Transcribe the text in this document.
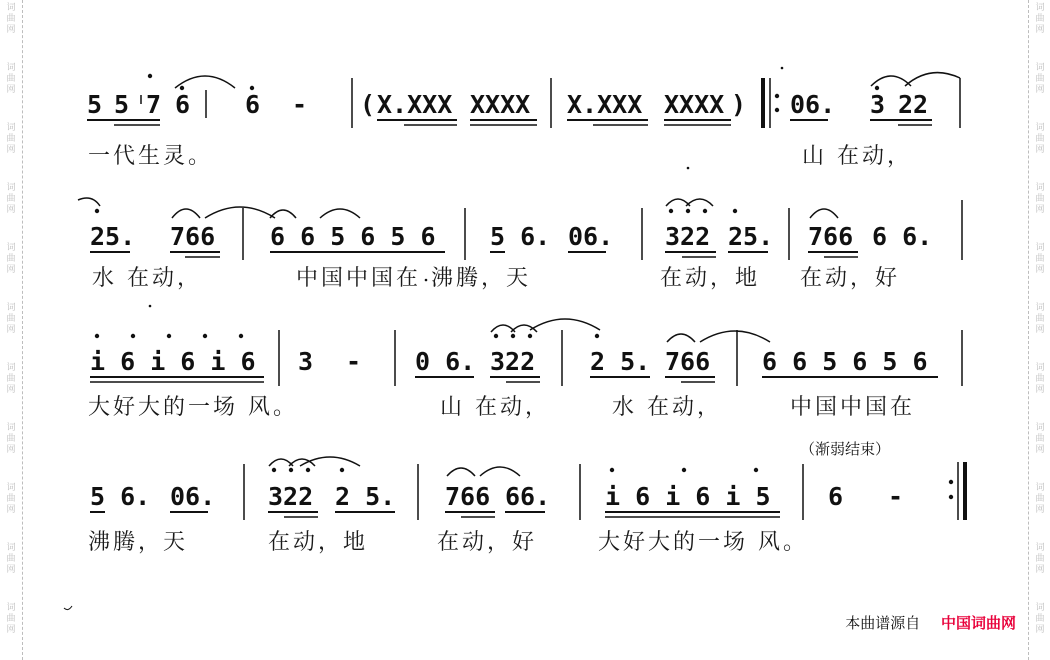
5 5 7 6 6 - ( X.XXX XXXX X.XXX XXXX ) 06. 3 22
25. 766 6 6 5 6 5 6 5 6. 06. 322 25. 766 6 6.
i 6 i 6 i 6 3 - 0 6. 322 2 5. 766 6 6 5 6 5 6
（渐弱结束）
5 6. 06. 322 2 5. 766 66. i 6 i 6 i 5 6 -
一代生灵。	山 在动，
水 在动，	中国中国在 沸腾，天	在动，地 在动，好
大好大的一场 风。	山 在动，	水 在动，	中国中国在
沸腾，天	在动，地	在动，好	大好大的一场 风。
本曲谱源自 中国词曲网
词
曲
网
词
曲
网
词
曲
网
词
曲
网
词
曲
网
词
曲
网
词
曲
网
词
曲
网
词
曲
网
词
曲
网
词
曲
网
词
曲
网
词
曲
网
词
曲
网
词
曲
网
词
曲
网
词
曲
网
词
曲
网
词
曲
网
词
曲
网
词
曲
网
词
曲
网
